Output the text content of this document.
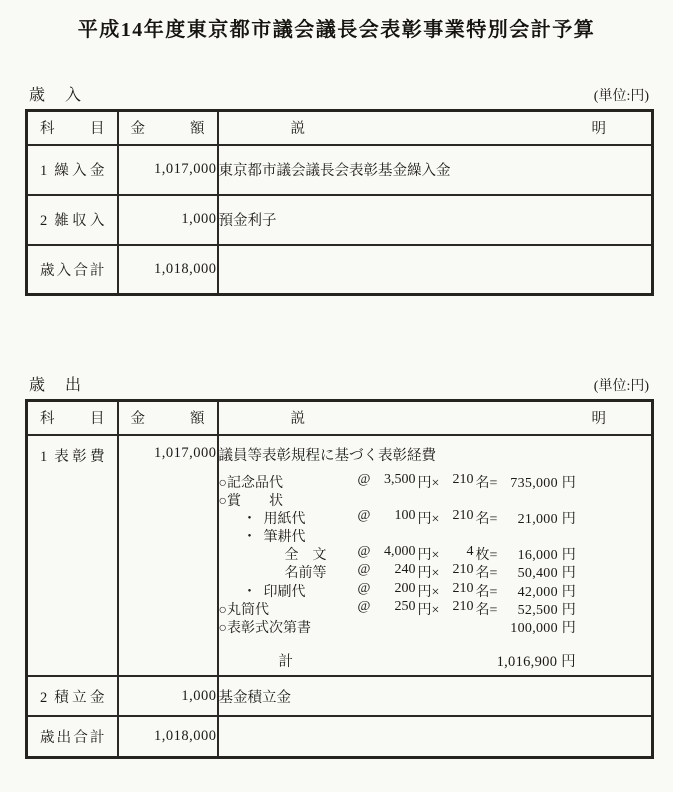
平成14年度東京都市議会議長会表彰事業特別会計予算
歳　入	(単位:円)
科目	金額	説明

1 繰入金	1,017,000	東京都市議会議長会表彰基金繰入金

2 雑収入	1,000	預金利子

歳入合計	1,018,000	
歳　出	(単位:円)
科目	金額	説明

1 表彰費	1,017,000	議員等表彰規程に基づく表彰経費
○記念品代	@ 3,500 円× 210 名= 735,000 円
○賞　　状
・ 用紙代	@	100 円× 210 名=	21,000 円
・ 筆耕代
全　文 @ 4,000 円×	4 枚=	16,000 円
名前等 @	240 円× 210 名=	50,400 円
・ 印刷代	@	200 円× 210 名=	42,000 円
○丸筒代	@	250 円× 210 名=	52,500 円
○表彰式次第書	100,000 円
計	1,016,900 円

2 積立金	1,000	基金積立金

歳出合計	1,018,000	
